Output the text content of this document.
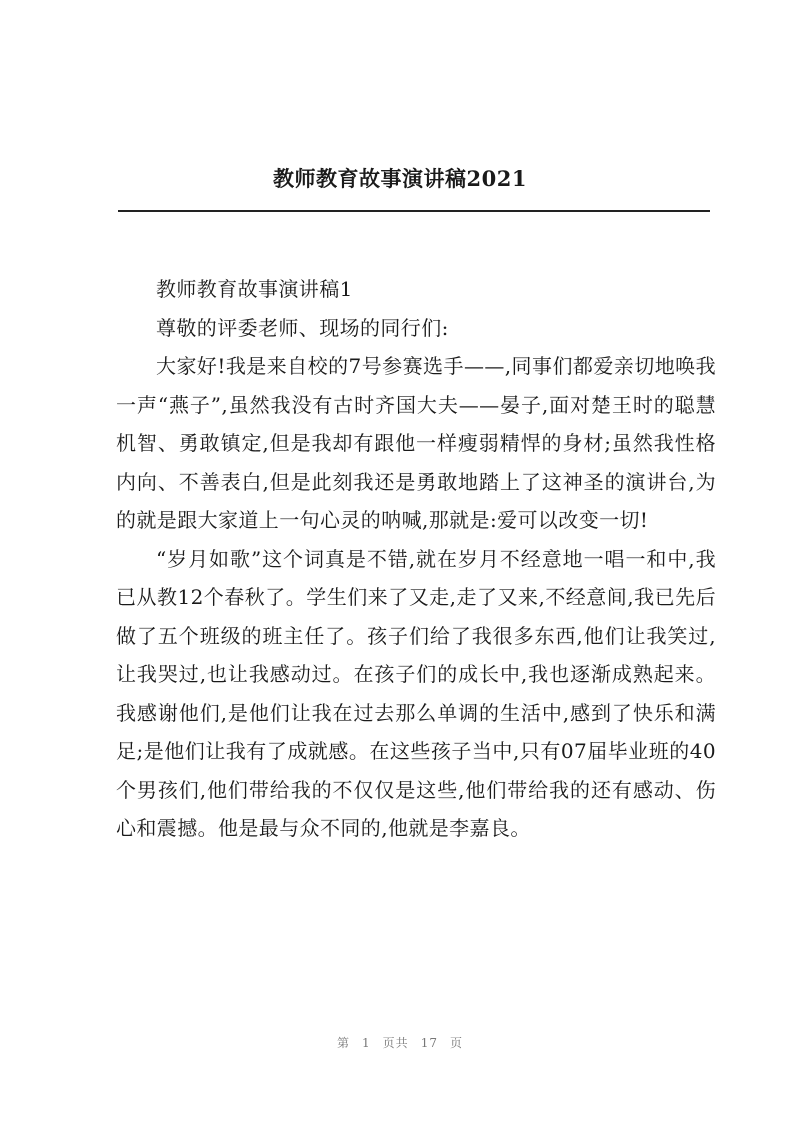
教师教育故事演讲稿2021

教师教育故事演讲稿1

尊敬的评委老师、现场的同行们:

大家好!我是来自校的7号参赛选手——,同事们都爱亲切地唤我一声“燕子”,虽然我没有古时齐国大夫——晏子,面对楚王时的聪慧机智、勇敢镇定,但是我却有跟他一样瘦弱精悍的身材;虽然我性格内向、不善表白,但是此刻我还是勇敢地踏上了这神圣的演讲台,为的就是跟大家道上一句心灵的呐喊,那就是:爱可以改变一切!

“岁月如歌”这个词真是不错,就在岁月不经意地一唱一和中,我已从教12个春秋了。学生们来了又走,走了又来,不经意间,我已先后做了五个班级的班主任了。孩子们给了我很多东西,他们让我笑过,让我哭过,也让我感动过。在孩子们的成长中,我也逐渐成熟起来。我感谢他们,是他们让我在过去那么单调的生活中,感到了快乐和满足;是他们让我有了成就感。在这些孩子当中,只有07届毕业班的40个男孩们,他们带给我的不仅仅是这些,他们带给我的还有感动、伤心和震撼。他是最与众不同的,他就是李嘉良。

第 1 页共 17 页
